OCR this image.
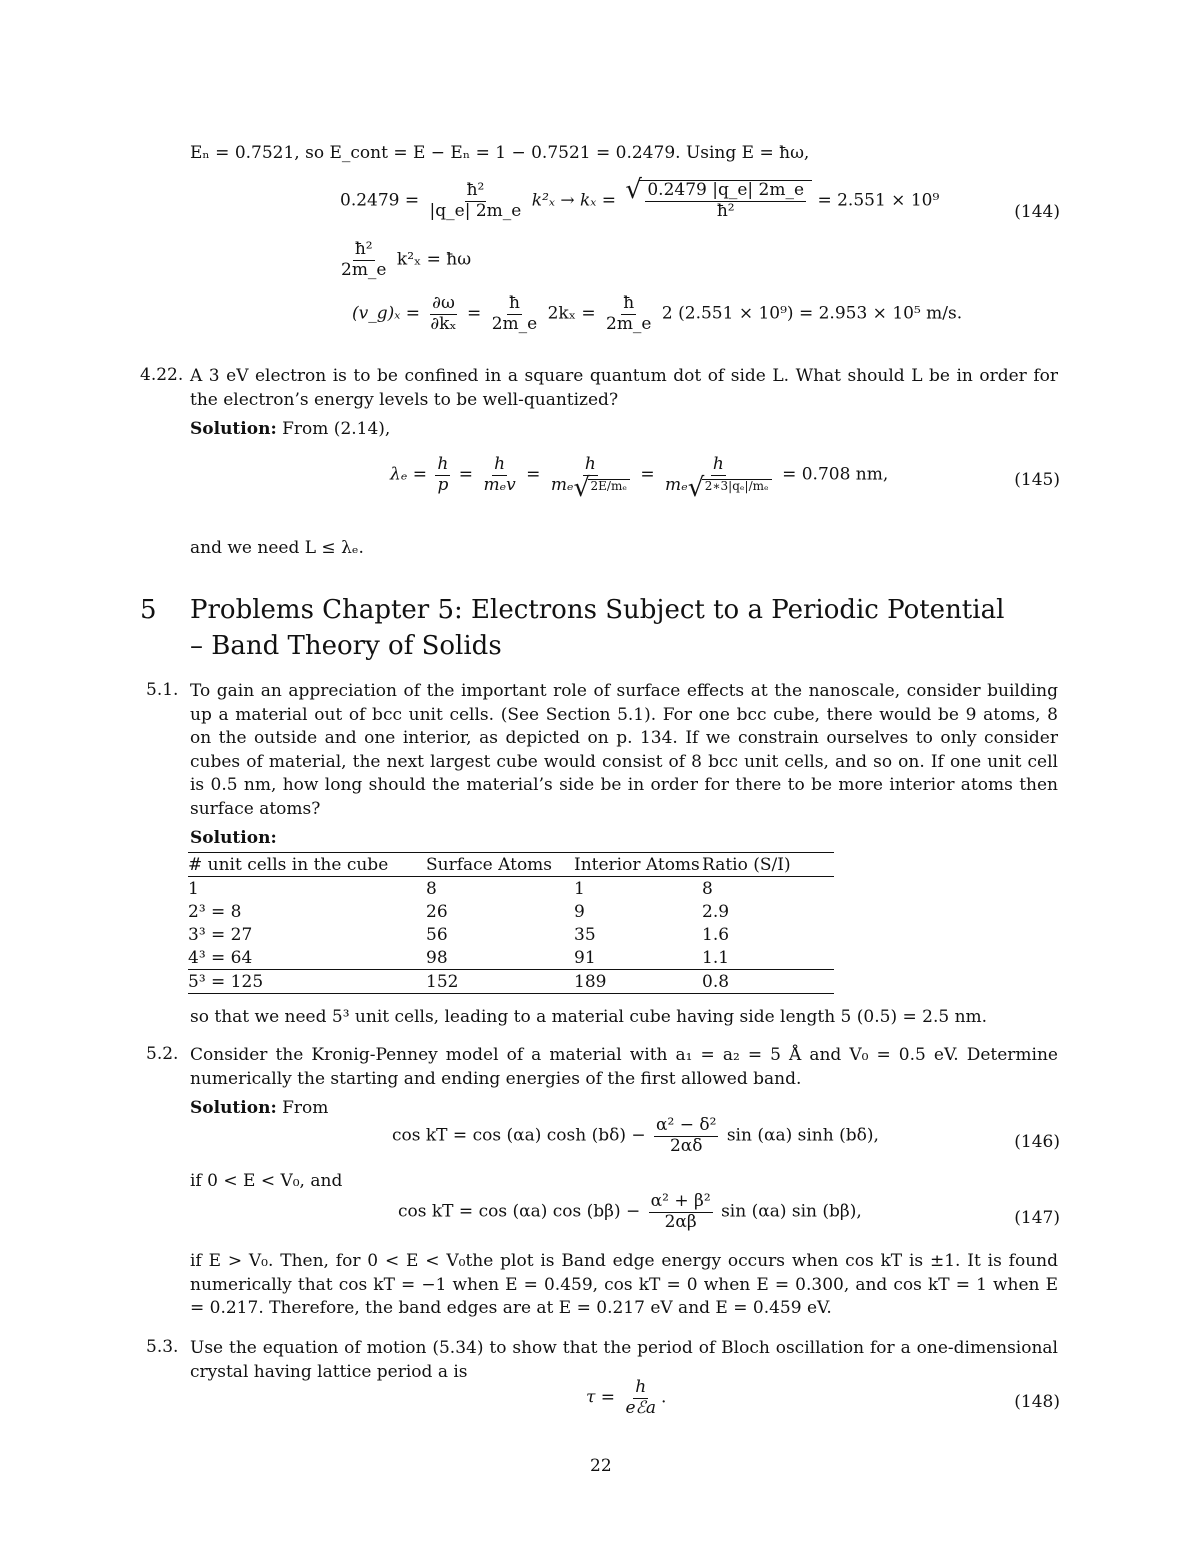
Eₙ = 0.7521, so E_cont = E − Eₙ = 1 − 0.7521 = 0.2479. Using E = ħω,
$0.2479 = \frac{\text{ħ²}}{|q\_e| 2m\_e} k^2_x \to k_x$ = √ $\frac{0.2479 |q\_e| 2m\_e}{\text{ħ²}} = 2.551 \times 10^9$
(144)
$\frac{\text{ħ²}}{2m\_e} k^2_x$ = ħω
(v_g)ₓ = $\frac{\partial\omega}{\text{∂kₓ}} = \frac{ħ}{2m\_e} 2k_x = \frac{ħ}{2m\_e} 2$ (2.551 × 10⁹) = 2.953 × 10⁵ m/s.
4.22. A 3 eV electron is to be confined in a square quantum dot of side L. What should L be in order for the electron’s energy levels to be well-quantized?
Solution: From (2.14),
$\lambda_e = \frac{h}{p} = \frac{h}{\text{mₑv}} = \frac{h}{\text{mₑ √ 2E/mₑ}} = \frac{h}{\text{mₑ √ 2∗3|qₑ|/mₑ}} = 0.708$ nm,	(145)
and we need L ≤ λₑ.
5 Problems Chapter 5: Electrons Subject to a Periodic Potential
– Band Theory of Solids
5.1. To gain an appreciation of the important role of surface effects at the nanoscale, consider building up a material out of bcc unit cells. (See Section 5.1). For one bcc cube, there would be 9 atoms, 8 on the outside and one interior, as depicted on p. 134. If we constrain ourselves to only consider cubes of material, the next largest cube would consist of 8 bcc unit cells, and so on. If one unit cell is 0.5 nm, how long should the material’s side be in order for there to be more interior atoms then surface atoms?
Solution:
# unit cells in the cube	Surface Atoms	Interior Atoms	Ratio (S/I)
1	8	1	8
2³ = 8	26	9	2.9
3³ = 27	56	35	1.6
4³ = 64	98	91	1.1
5³ = 125	152	189	0.8
so that we need 5³ unit cells, leading to a material cube having side length 5 (0.5) = 2.5 nm.
5.2. Consider the Kronig-Penney model of a material with a₁ = a₂ = 5 Å and V₀ = 0.5 eV. Determine numerically the starting and ending energies of the first allowed band.
Solution: From
cos kT = cos (αa) $\cosh (b\delta) - \frac{\text{α² − δ²}}{2\alpha\delta}$ sin (αa) sinh (bδ),	(146)
if 0 < E < V₀, and
cos kT = cos (αa) $\cos (b\beta) - \frac{\text{α² + β²}}{2\alpha\beta}$ sin (αa) sin (bβ),	(147)
if E > V₀. Then, for 0 < E < V₀the plot is Band edge energy occurs when cos kT is ±1. It is found numerically that cos kT = −1 when E = 0.459, cos kT = 0 when E = 0.300, and cos kT = 1 when E = 0.217. Therefore, the band edges are at E = 0.217 eV and E = 0.459 eV.
5.3. Use the equation of motion (5.34) to show that the period of Bloch oscillation for a one-dimensional crystal having lattice period a is
$\tau = \frac{h}{\text{eℰa}}$ .	(148)
22
